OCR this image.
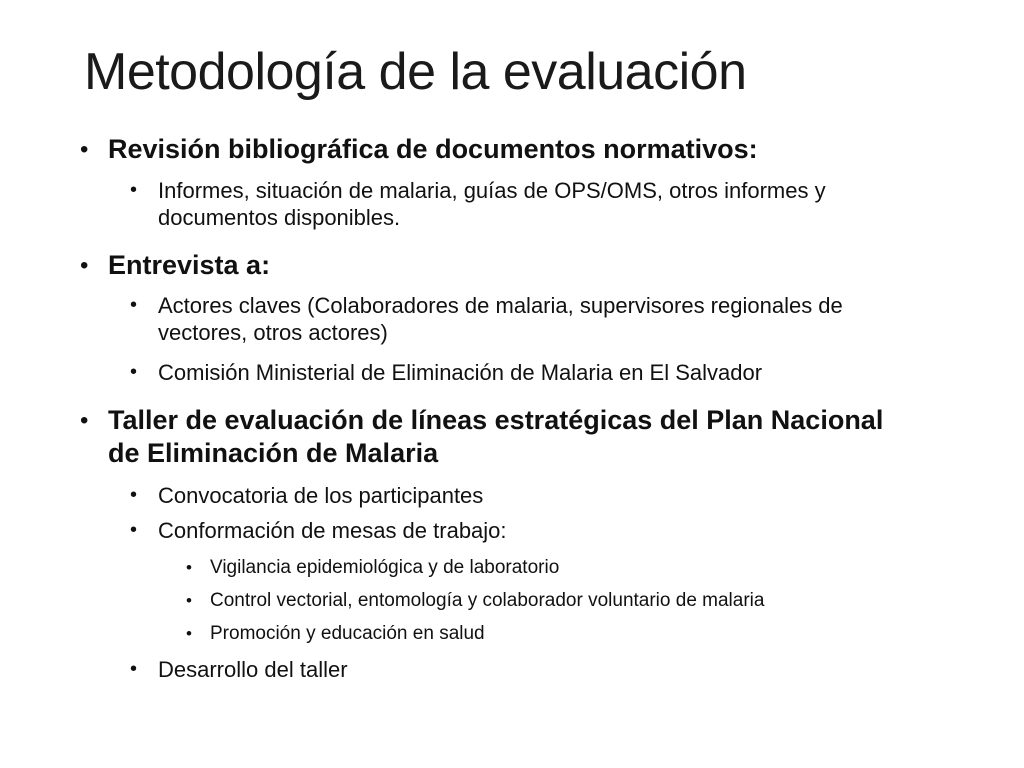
Metodología de la evaluación
• Revisión bibliográfica de documentos normativos:
• Informes, situación de malaria, guías de OPS/OMS, otros informes y documentos disponibles.
• Entrevista a:
• Actores claves (Colaboradores de malaria, supervisores regionales de vectores, otros actores)
• Comisión Ministerial de Eliminación de Malaria en El Salvador
• Taller de evaluación de líneas estratégicas del Plan Nacional de Eliminación de Malaria
• Convocatoria de los participantes
• Conformación de mesas de trabajo:
• Vigilancia epidemiológica y de laboratorio
• Control vectorial, entomología y colaborador voluntario de malaria
• Promoción y educación en salud
• Desarrollo del taller
